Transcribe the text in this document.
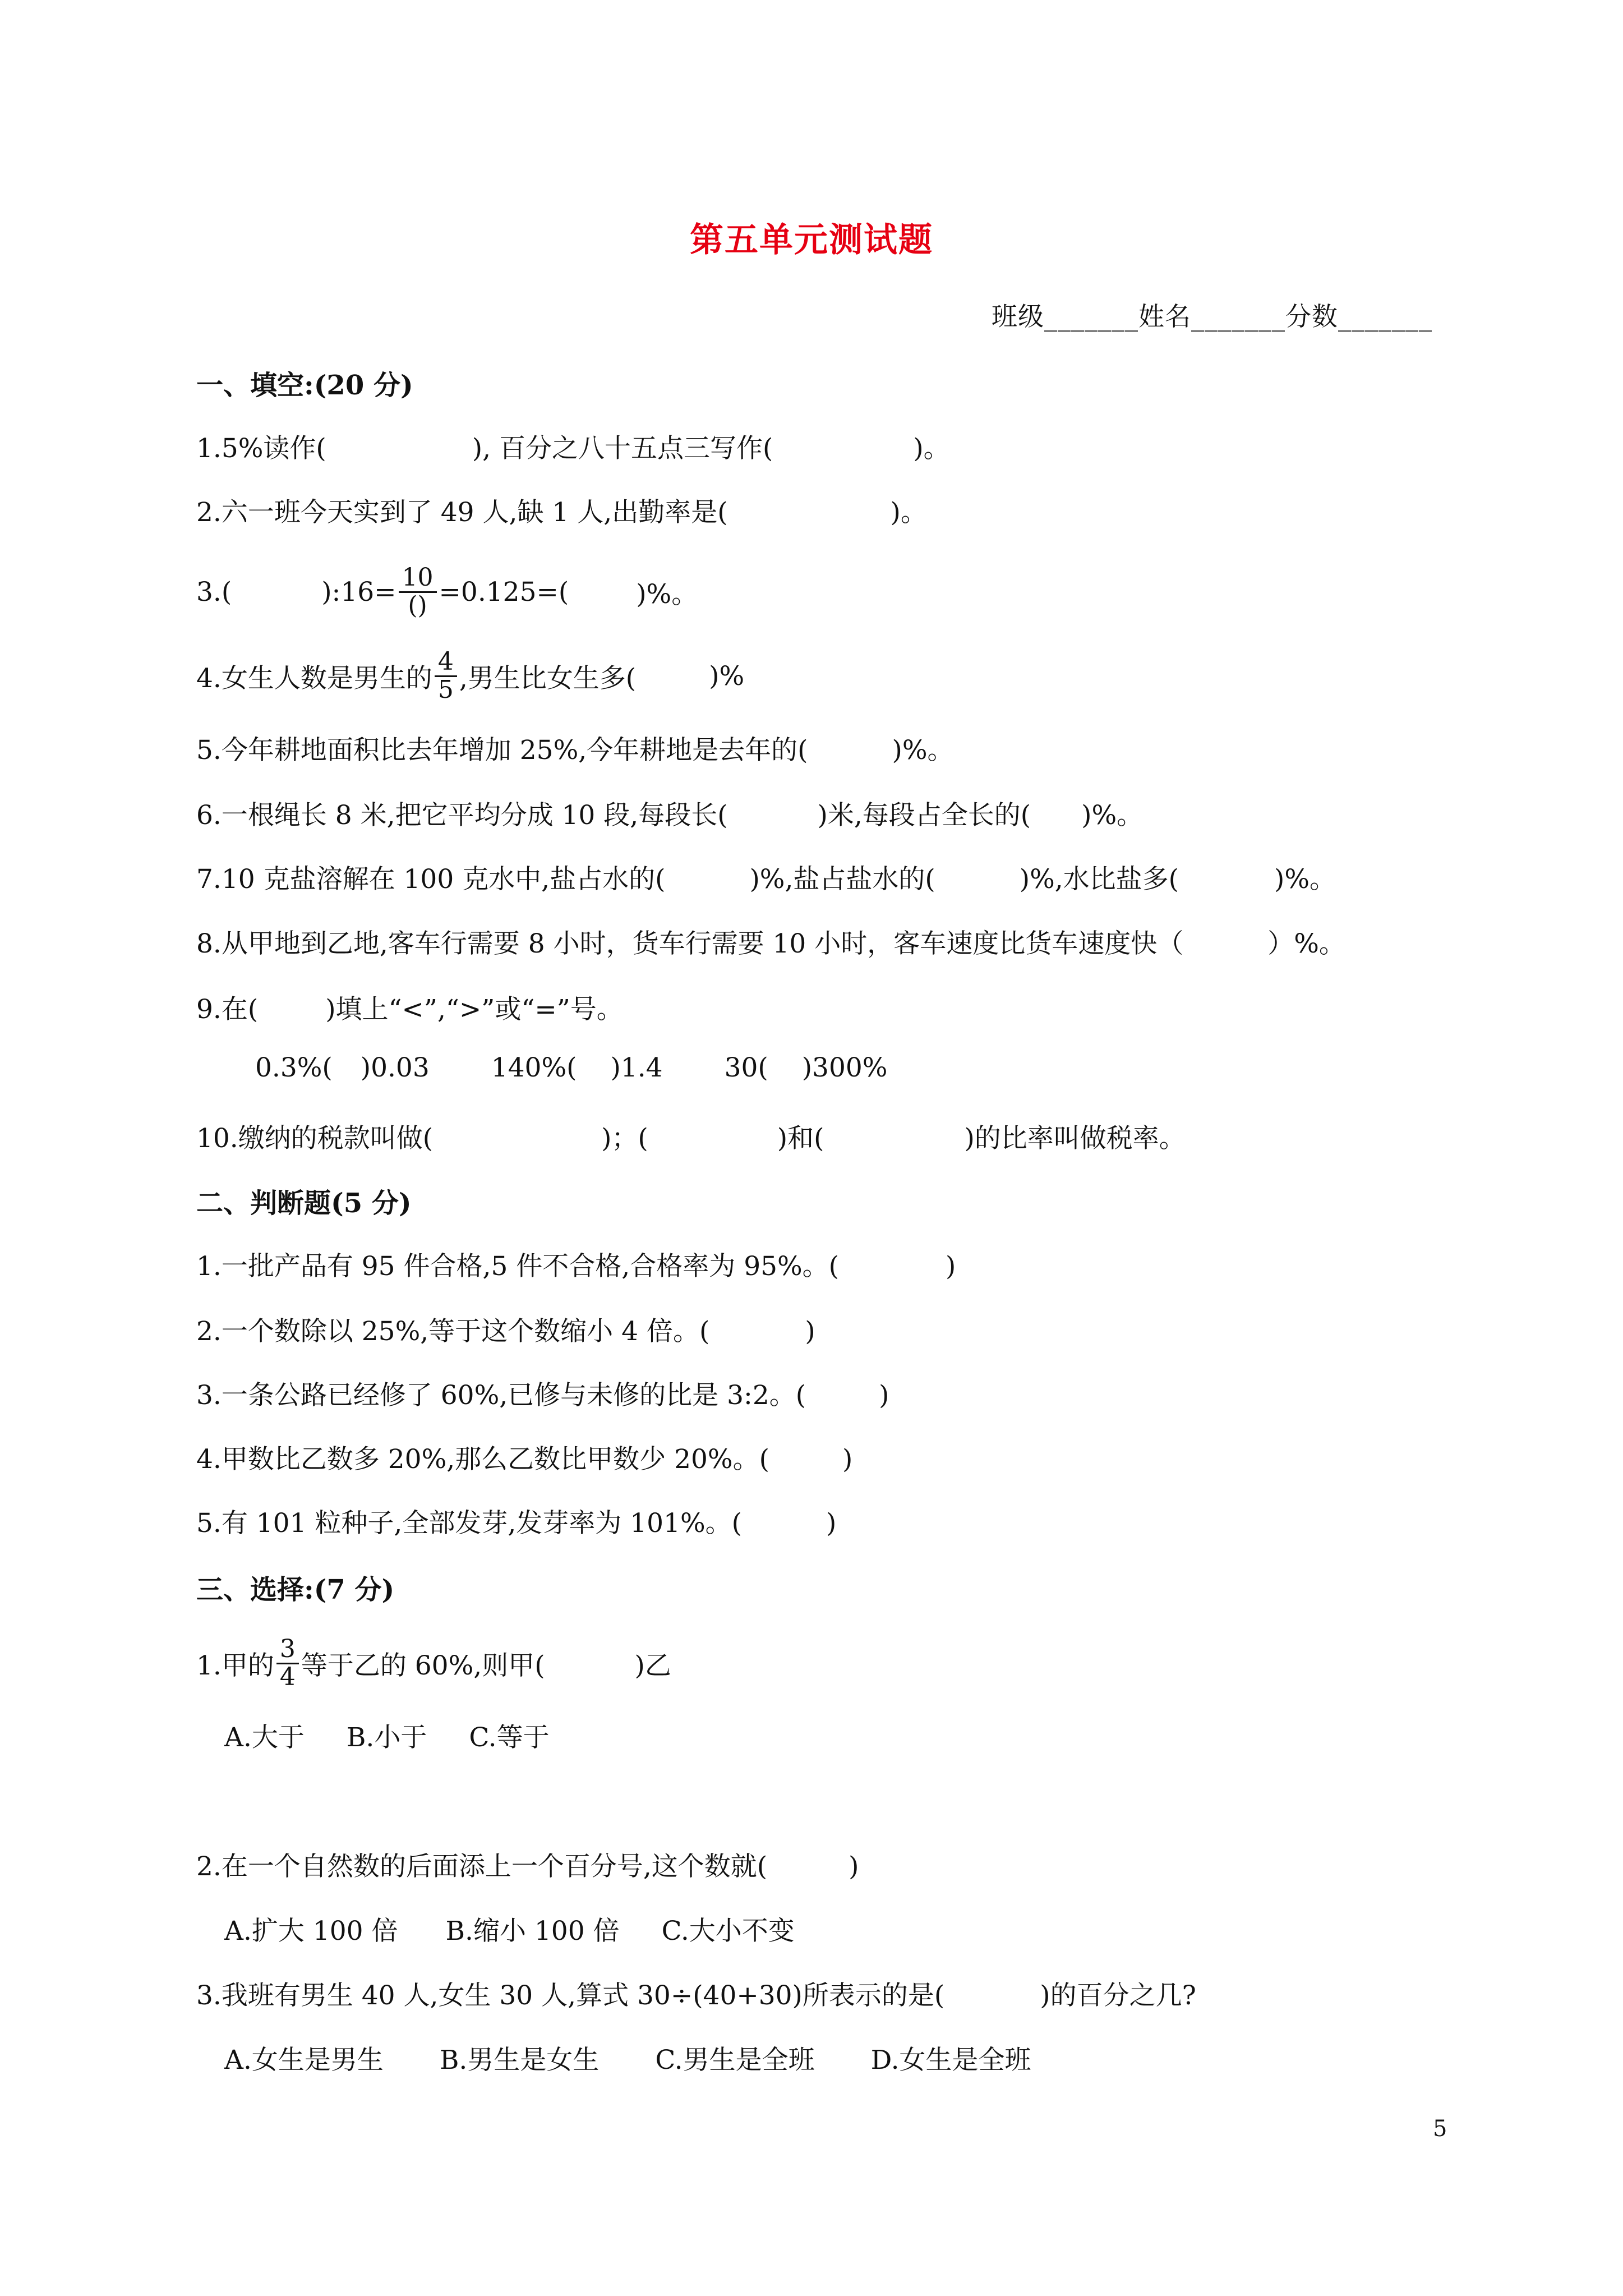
第五单元测试题
班级_______姓名_______分数_______
一、填空:(20 分)
1.5%读作(	), 百分之八十五点三写作(	)。
2.六一班今天实到了 49 人,缺 1 人,出勤率是(	)。
3.(	):16= $\frac{10}{()} =0.125=$(	)%。
4.女生人数是男生的 $\frac{4}{5}$ ,男生比女生多(	)%
5.今年耕地面积比去年增加 25%,今年耕地是去年的(	)%。
6.一根绳长 8 米,把它平均分成 10 段,每段长(	)米,每段占全长的( )%。
7.10 克盐溶解在 100 克水中,盐占水的(	)%,盐占盐水的(	)%,水比盐多(	)%。
8.从甲地到乙地,客车行需要 8 小时，货车行需要 10 小时，客车速度比货车速度快（	）%。
9.在(	)填上“<”,“>”或“=”号。
0.3%( )0.03 140%( )1.4 30( )300%
10.缴纳的税款叫做(	)；(	)和(	)的比率叫做税率。
二、判断题(5 分)
1.一批产品有 95 件合格,5 件不合格,合格率为 95%。(	)
2.一个数除以 25%,等于这个数缩小 4 倍。(	)
3.一条公路已经修了 60%,已修与未修的比是 3:2。(	)
4.甲数比乙数多 20%,那么乙数比甲数少 20%。(	)
5.有 101 粒种子,全部发芽,发芽率为 101%。(	)
三、选择:(7 分)
1.甲的 $\frac{3}{4}$ 等于乙的 60%,则甲(	)乙
A.大于 B.小于 C.等于
2.在一个自然数的后面添上一个百分号,这个数就(	)
A.扩大 100 倍 B.缩小 100 倍 C.大小不变
3.我班有男生 40 人,女生 30 人,算式 30÷(40+30)所表示的是(	)的百分之几?
A.女生是男生 B.男生是女生 C.男生是全班 D.女生是全班
5
